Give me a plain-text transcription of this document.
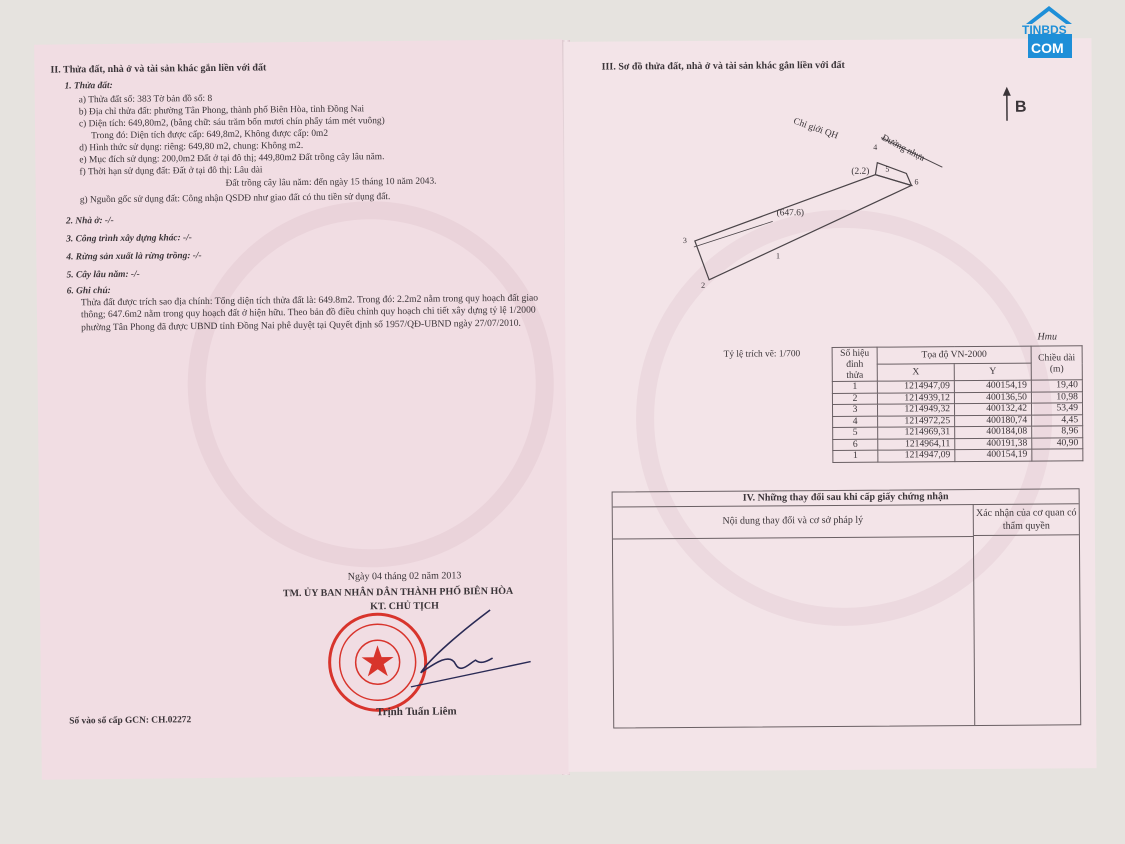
II. Thửa đất, nhà ở và tài sản khác gắn liền với đất
1. Thửa đất:
a) Thửa đất số: 383 Tờ bản đồ số: 8
b) Địa chỉ thửa đất: phường Tân Phong, thành phố Biên Hòa, tỉnh Đồng Nai
c) Diện tích: 649,80m2, (bằng chữ: sáu trăm bốn mươi chín phẩy tám mét vuông)
Trong đó: Diện tích được cấp: 649,8m2, Không được cấp: 0m2
d) Hình thức sử dụng: riêng: 649,80 m2, chung: Không m2.
e) Mục đích sử dụng: 200,0m2 Đất ở tại đô thị; 449,80m2 Đất trồng cây lâu năm.
f) Thời hạn sử dụng đất: Đất ở tại đô thị: Lâu dài
Đất trồng cây lâu năm: đến ngày 15 tháng 10 năm 2043.
g) Nguồn gốc sử dụng đất: Công nhận QSDĐ như giao đất có thu tiền sử dụng đất.
2. Nhà ở: -/-
3. Công trình xây dựng khác: -/-
4. Rừng sản xuất là rừng trồng: -/-
5. Cây lâu năm: -/-
6. Ghi chú:
Thửa đất được trích sao địa chính: Tổng diện tích thửa đất là: 649.8m2. Trong đó: 2.2m2 nằm trong quy hoạch đất giao thông; 647.6m2 nằm trong quy hoạch đất ở hiện hữu. Theo bản đồ điều chỉnh quy hoạch chi tiết xây dựng tỷ lệ 1/2000 phường Tân Phong đã được UBND tỉnh Đồng Nai phê duyệt tại Quyết định số 1957/QĐ-UBND ngày 27/07/2010.
Ngày 04 tháng 02 năm 2013
TM. ỦY BAN NHÂN DÂN THÀNH PHỐ BIÊN HÒA
KT. CHỦ TỊCH
Trịnh Tuấn Liêm
Số vào sổ cấp GCN: CH.02272
III. Sơ đồ thửa đất, nhà ở và tài sản khác gắn liền với đất
B
Chỉ giới QH
Đường nhựa
(2.2)
(647.6)
1
2
3
4
5
6
Hmu
Tỷ lệ trích vẽ: 1/700	Số hiệu đỉnh thửa	Tọa độ VN-2000		Chiều dài (m)
	X	Y	
1	1214947,09	400154,19	19,40
2	1214939,12	400136,50	10,98
3	1214949,32	400132,42	53,49
4	1214972,25	400180,74	4,45
5	1214969,31	400184,08	8,96
6	1214964,11	400191,38	40,90
1	1214947,09	400154,19	
IV. Những thay đổi sau khi cấp giấy chứng nhận
Nội dung thay đổi và cơ sở pháp lý
Xác nhận của cơ quan có thẩm quyền
TINBDS
COM
